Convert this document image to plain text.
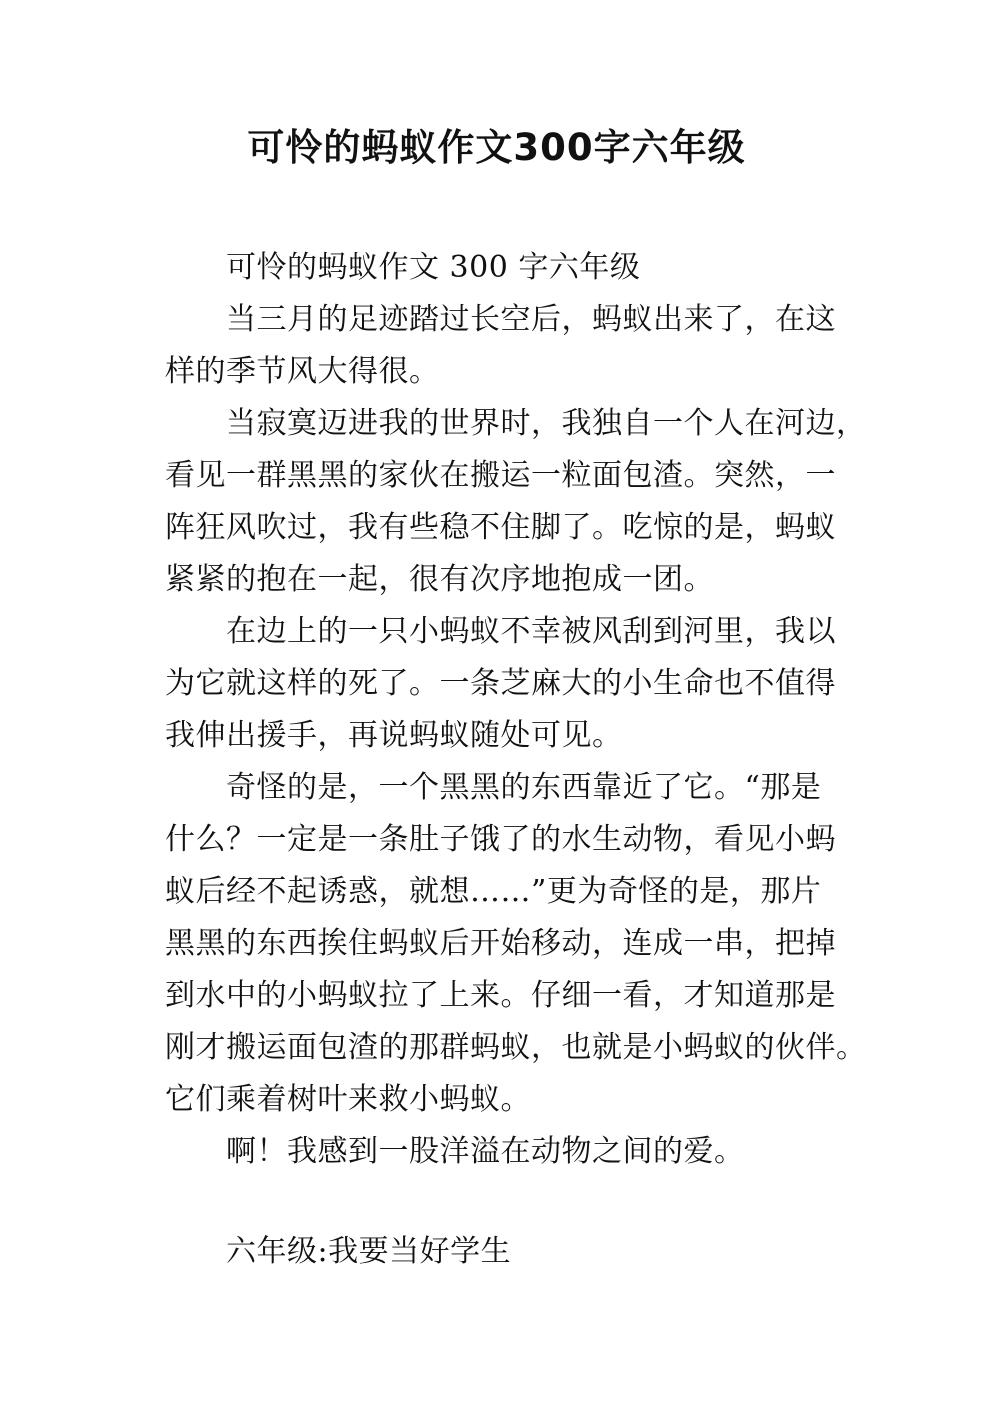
可怜的蚂蚁作文300字六年级
可怜的蚂蚁作文 300 字六年级
当三月的足迹踏过长空后，蚂蚁出来了，在这
样的季节风大得很。
当寂寞迈进我的世界时，我独自一个人在河边，
看见一群黑黑的家伙在搬运一粒面包渣。突然，一
阵狂风吹过，我有些稳不住脚了。吃惊的是，蚂蚁
紧紧的抱在一起，很有次序地抱成一团。
在边上的一只小蚂蚁不幸被风刮到河里，我以
为它就这样的死了。一条芝麻大的小生命也不值得
我伸出援手，再说蚂蚁随处可见。
奇怪的是，一个黑黑的东西靠近了它。“那是
什么？一定是一条肚子饿了的水生动物，看见小蚂
蚁后经不起诱惑，就想……”更为奇怪的是，那片
黑黑的东西挨住蚂蚁后开始移动，连成一串，把掉
到水中的小蚂蚁拉了上来。仔细一看，才知道那是
刚才搬运面包渣的那群蚂蚁，也就是小蚂蚁的伙伴。
它们乘着树叶来救小蚂蚁。
啊！我感到一股洋溢在动物之间的爱。
六年级:我要当好学生
